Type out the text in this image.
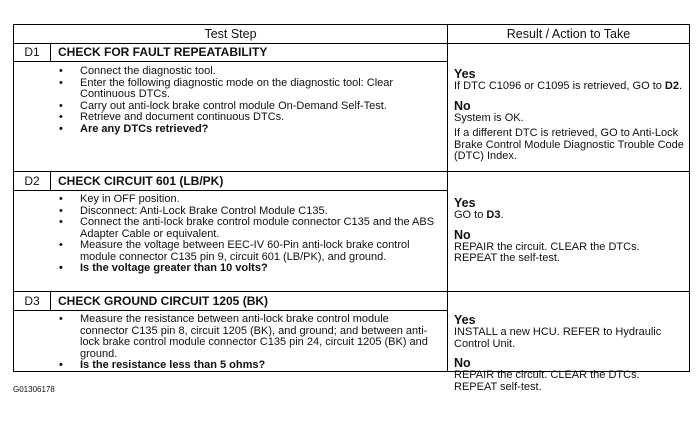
Test Step	Result / Action to Take
D1	CHECK FOR FAULT REPEATABILITY
• Connect the diagnostic tool.
• Enter the following diagnostic mode on the diagnostic tool: Clear Continuous DTCs.
• Carry out anti-lock brake control module On-Demand Self-Test.
• Retrieve and document continuous DTCs.
• Are any DTCs retrieved?
Yes

If DTC C1096 or C1095 is retrieved, GO to D2.

No

System is OK.

If a different DTC is retrieved, GO to Anti-Lock Brake Control Module Diagnostic Trouble Code (DTC) Index.

D2	CHECK CIRCUIT 601 (LB/PK)
• Key in OFF position.
• Disconnect: Anti-Lock Brake Control Module C135.
• Connect the anti-lock brake control module connector C135 and the ABS Adapter Cable or equivalent.
• Measure the voltage between EEC-IV 60-Pin anti-lock brake control module connector C135 pin 9, circuit 601 (LB/PK), and ground.
• Is the voltage greater than 10 volts?
Yes

GO to D3.

No

REPAIR the circuit. CLEAR the DTCs. REPEAT the self-test.

D3	CHECK GROUND CIRCUIT 1205 (BK)
• Measure the resistance between anti-lock brake control module connector C135 pin 8, circuit 1205 (BK), and ground; and between anti-lock brake control module connector C135 pin 24, circuit 1205 (BK) and ground.
• Is the resistance less than 5 ohms?
Yes

INSTALL a new HCU. REFER to Hydraulic Control Unit.

No

REPAIR the circuit. CLEAR the DTCs. REPEAT self-test.

G01306178
